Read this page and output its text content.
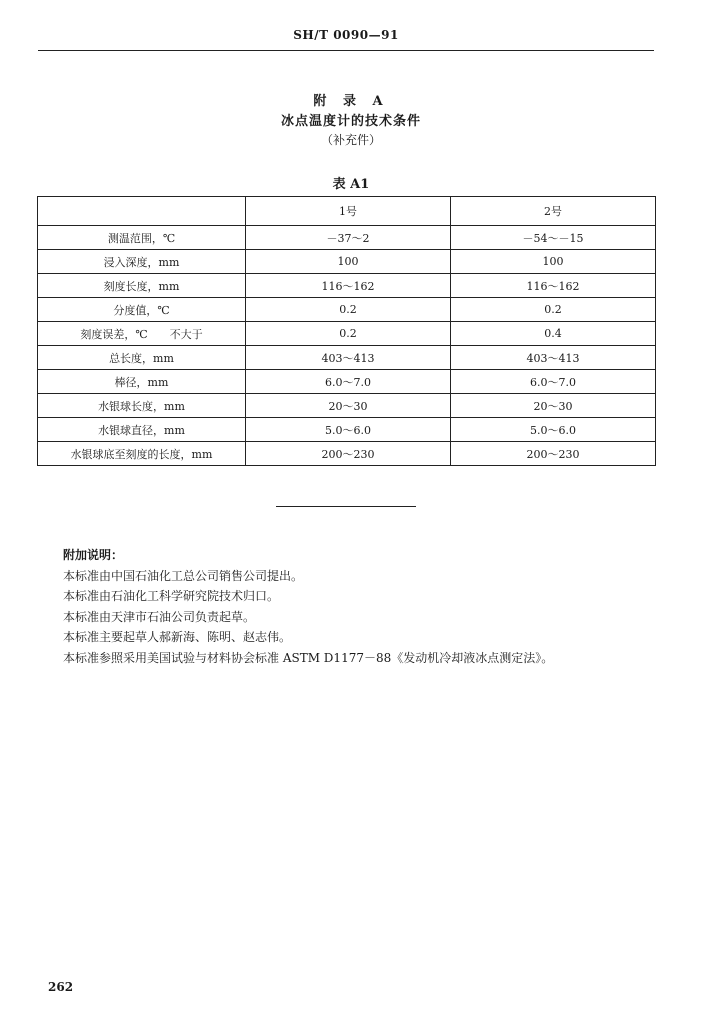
SH/T 0090—91
附 录 A
冰点温度计的技术条件
（补充件）
表 A1
	1号	2号
测温范围，℃	－37～2	－54～－15
浸入深度，mm	100	100
刻度长度，mm	116～162	116～162
分度值，℃	0.2	0.2
刻度误差，℃　　不大于	0.2	0.4
总长度，mm	403～413	403～413
棒径，mm	6.0～7.0	6.0～7.0
水银球长度，mm	20～30	20～30
水银球直径，mm	5.0～6.0	5.0～6.0
水银球底至刻度的长度，mm	200～230	200～230
附加说明：
本标准由中国石油化工总公司销售公司提出。
本标准由石油化工科学研究院技术归口。
本标准由天津市石油公司负责起草。
本标准主要起草人郝新海、陈明、赵志伟。
本标准参照采用美国试验与材料协会标准 ASTM D1177－88《发动机冷却液冰点测定法》。
262
